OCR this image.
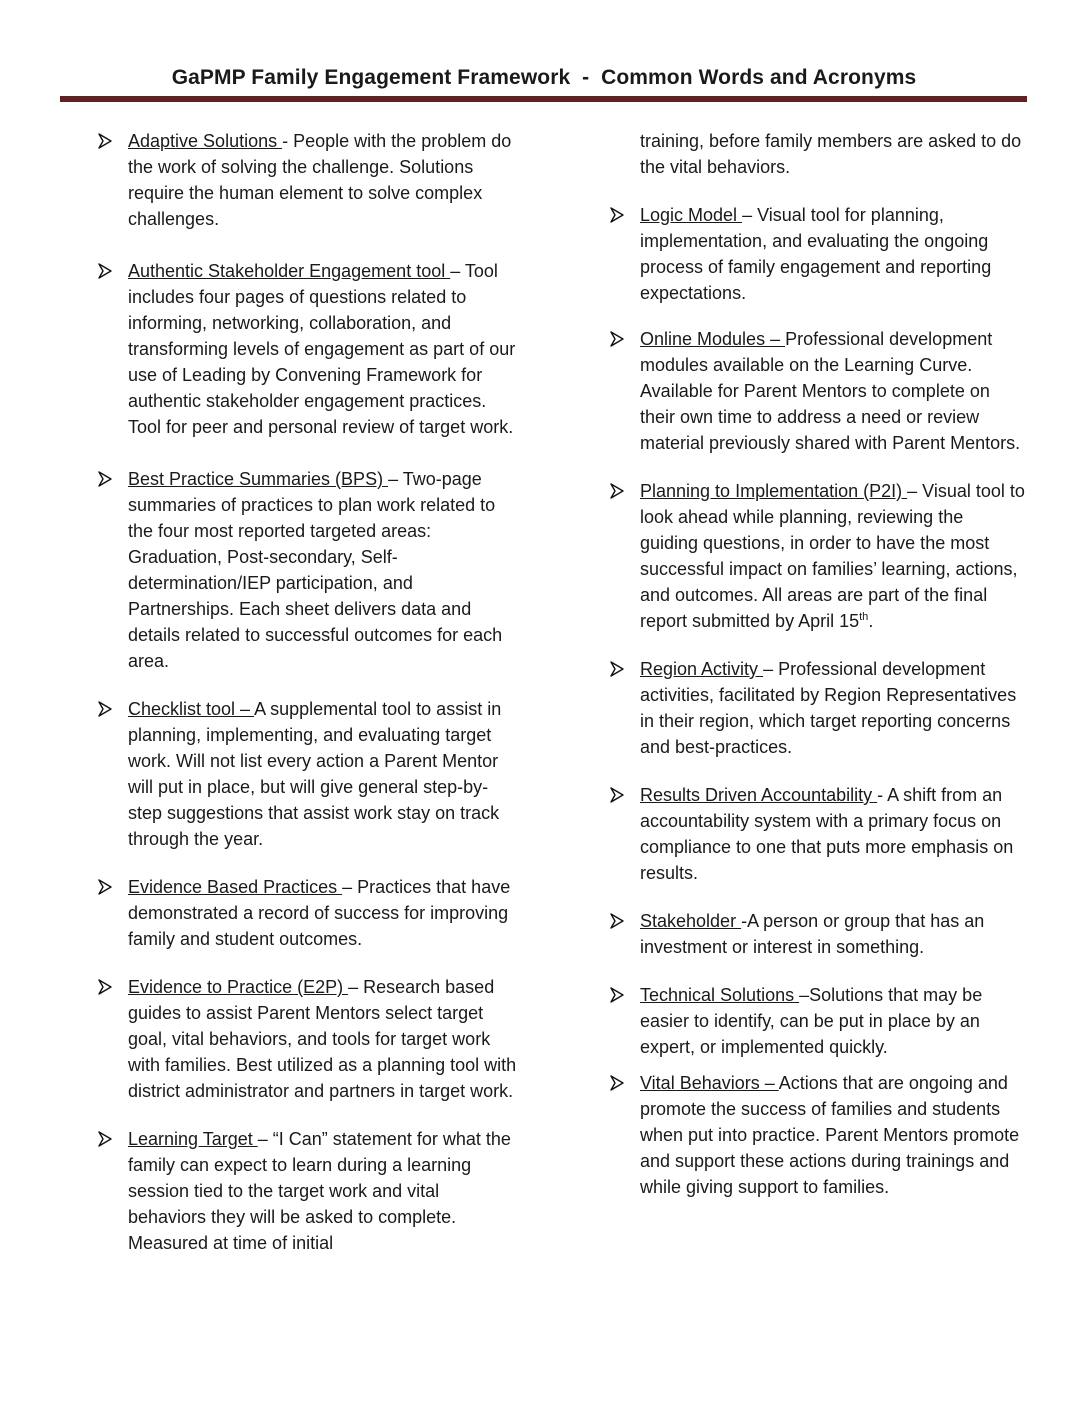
GaPMP Family Engagement Framework  -  Common Words and Acronyms
Adaptive Solutions - People with the problem do the work of solving the challenge. Solutions require the human element to solve complex challenges.
Authentic Stakeholder Engagement tool – Tool includes four pages of questions related to informing, networking, collaboration, and transforming levels of engagement as part of our use of Leading by Convening Framework for authentic stakeholder engagement practices. Tool for peer and personal review of target work.
Best Practice Summaries (BPS) – Two-page summaries of practices to plan work related to the four most reported targeted areas: Graduation, Post-secondary, Self-determination/IEP participation, and Partnerships. Each sheet delivers data and details related to successful outcomes for each area.
Checklist tool – A supplemental tool to assist in planning, implementing, and evaluating target work. Will not list every action a Parent Mentor will put in place, but will give general step-by-step suggestions that assist work stay on track through the year.
Evidence Based Practices – Practices that have demonstrated a record of success for improving family and student outcomes.
Evidence to Practice (E2P) – Research based guides to assist Parent Mentors select target goal, vital behaviors, and tools for target work with families. Best utilized as a planning tool with district administrator and partners in target work.
Learning Target – “I Can” statement for what the family can expect to learn during a learning session tied to the target work and vital behaviors they will be asked to complete. Measured at time of initial

training, before family members are asked to do the vital behaviors.

Logic Model – Visual tool for planning, implementation, and evaluating the ongoing process of family engagement and reporting expectations.
Online Modules – Professional development modules available on the Learning Curve. Available for Parent Mentors to complete on their own time to address a need or review material previously shared with Parent Mentors.
Planning to Implementation (P2I) – Visual tool to look ahead while planning, reviewing the guiding questions, in order to have the most successful impact on families’ learning, actions, and outcomes. All areas are part of the final report submitted by April 15th.
Region Activity – Professional development activities, facilitated by Region Representatives in their region, which target reporting concerns and best-practices.
Results Driven Accountability - A shift from an accountability system with a primary focus on compliance to one that puts more emphasis on results.
Stakeholder -A person or group that has an investment or interest in something.
Technical Solutions –Solutions that may be easier to identify, can be put in place by an expert, or implemented quickly.
Vital Behaviors – Actions that are ongoing and promote the success of families and students when put into practice. Parent Mentors promote and support these actions during trainings and while giving support to families.
